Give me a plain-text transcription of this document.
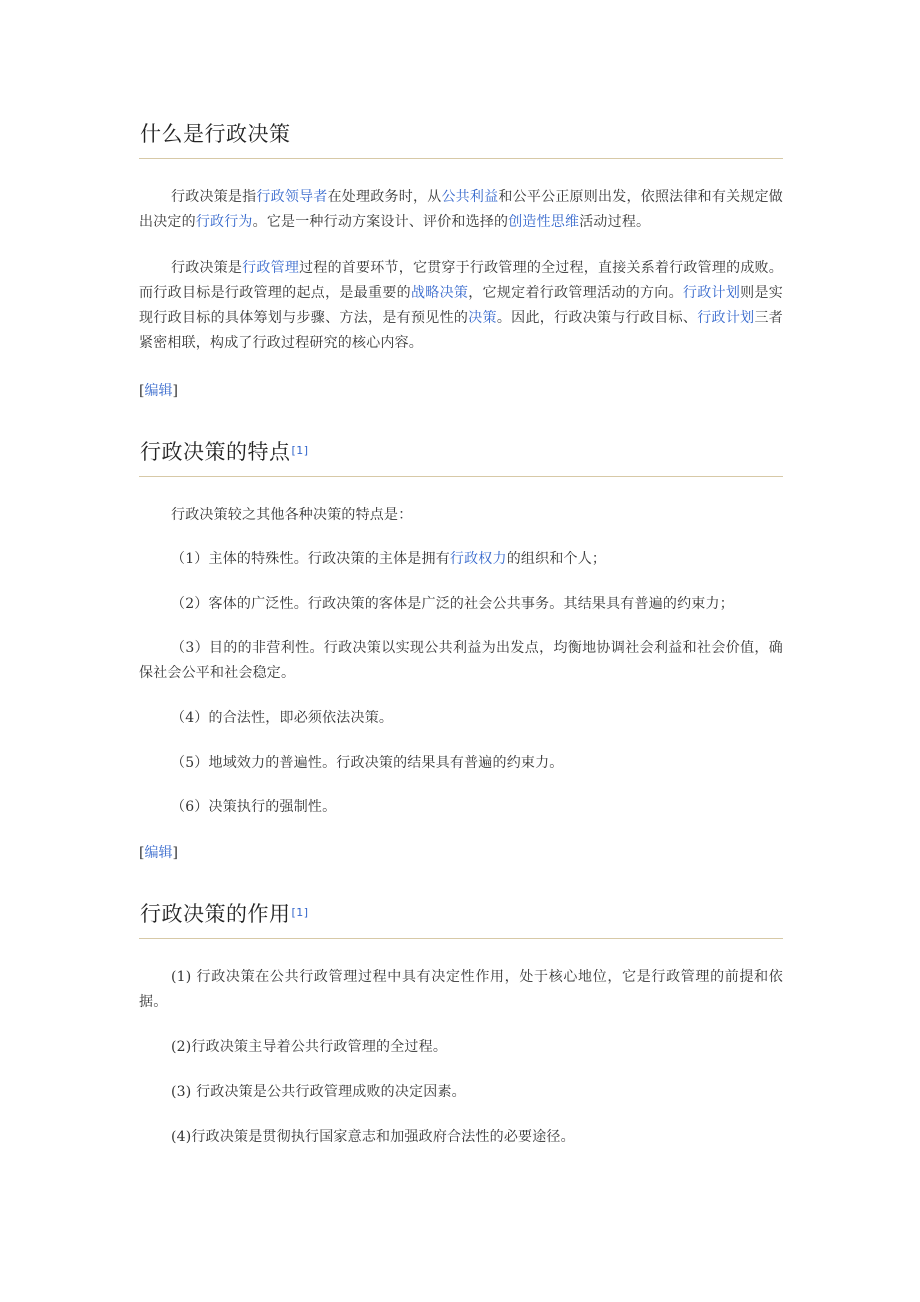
什么是行政决策

行政决策是指行政领导者在处理政务时，从公共利益和公平公正原则出发，依照法律和有关规定做出决定的行政行为。它是一种行动方案设计、评价和选择的创造性思维活动过程。

行政决策是行政管理过程的首要环节，它贯穿于行政管理的全过程，直接关系着行政管理的成败。而行政目标是行政管理的起点，是最重要的战略决策，它规定着行政管理活动的方向。行政计划则是实现行政目标的具体筹划与步骤、方法，是有预见性的决策。因此，行政决策与行政目标、行政计划三者紧密相联，构成了行政过程研究的核心内容。

[编辑]

行政决策的特点[1]

行政决策较之其他各种决策的特点是：

（1）主体的特殊性。行政决策的主体是拥有行政权力的组织和个人；

（2）客体的广泛性。行政决策的客体是广泛的社会公共事务。其结果具有普遍的约束力；

（3）目的的非营利性。行政决策以实现公共利益为出发点，均衡地协调社会利益和社会价值，确保社会公平和社会稳定。

（4）的合法性，即必须依法决策。

（5）地域效力的普遍性。行政决策的结果具有普遍的约束力。

（6）决策执行的强制性。

[编辑]

行政决策的作用[1]

(1) 行政决策在公共行政管理过程中具有决定性作用，处于核心地位，它是行政管理的前提和依据。

(2)行政决策主导着公共行政管理的全过程。

(3) 行政决策是公共行政管理成败的决定因素。

(4)行政决策是贯彻执行国家意志和加强政府合法性的必要途径。
